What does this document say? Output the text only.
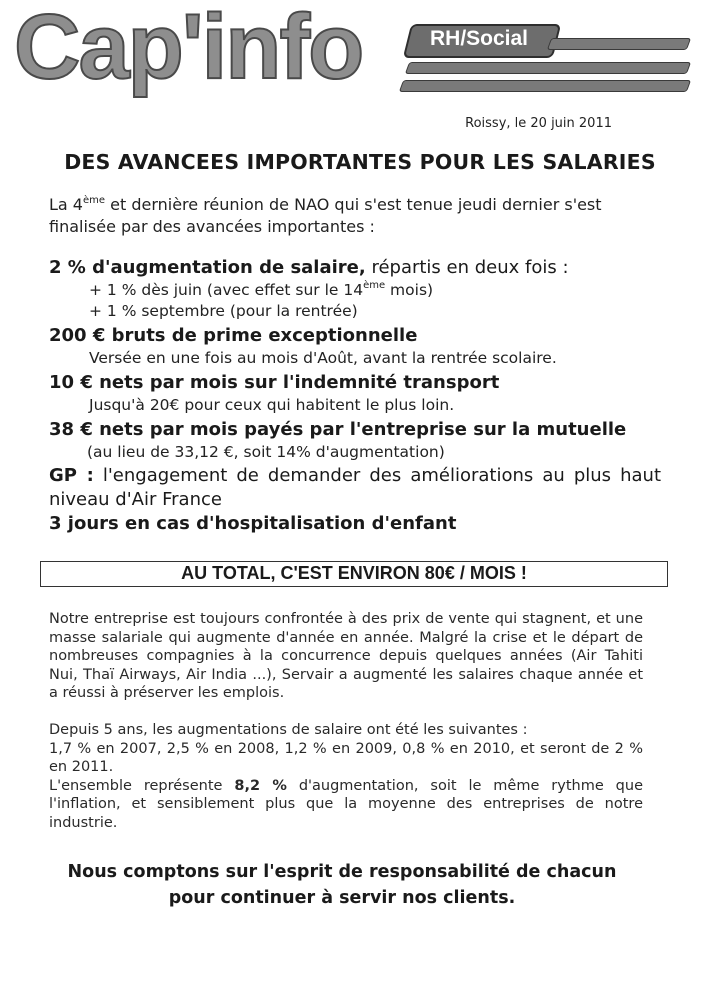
Cap'info	RH/Social
Roissy, le 20 juin 2011
DES AVANCEES IMPORTANTES POUR LES SALARIES
La 4ème et dernière réunion de NAO qui s'est tenue jeudi dernier s'est finalisée par des avancées importantes :
2 % d'augmentation de salaire, répartis en deux fois :
+ 1 % dès juin (avec effet sur le 14ème mois)
+ 1 % septembre (pour la rentrée)
200 € bruts de prime exceptionnelle
Versée en une fois au mois d'Août, avant la rentrée scolaire.
10 € nets par mois sur l'indemnité transport
Jusqu'à 20€ pour ceux qui habitent le plus loin.
38 € nets par mois payés par l'entreprise sur la mutuelle
(au lieu de 33,12 €, soit 14% d'augmentation)
GP : l'engagement de demander des améliorations au plus haut niveau d'Air France
3 jours en cas d'hospitalisation d'enfant
AU TOTAL, C'EST ENVIRON 80€ / MOIS !
Notre entreprise est toujours confrontée à des prix de vente qui stagnent, et une masse salariale qui augmente d'année en année. Malgré la crise et le départ de nombreuses compagnies à la concurrence depuis quelques années (Air Tahiti Nui, Thaï Airways, Air India ...), Servair a augmenté les salaires chaque année et a réussi à préserver les emplois.
Depuis 5 ans, les augmentations de salaire ont été les suivantes :
1,7 % en 2007, 2,5 % en 2008, 1,2 % en 2009, 0,8 % en 2010, et seront de 2 % en 2011.
L'ensemble représente 8,2 % d'augmentation, soit le même rythme que l'inflation, et sensiblement plus que la moyenne des entreprises de notre industrie.
Nous comptons sur l'esprit de responsabilité de chacun
pour continuer à servir nos clients.
